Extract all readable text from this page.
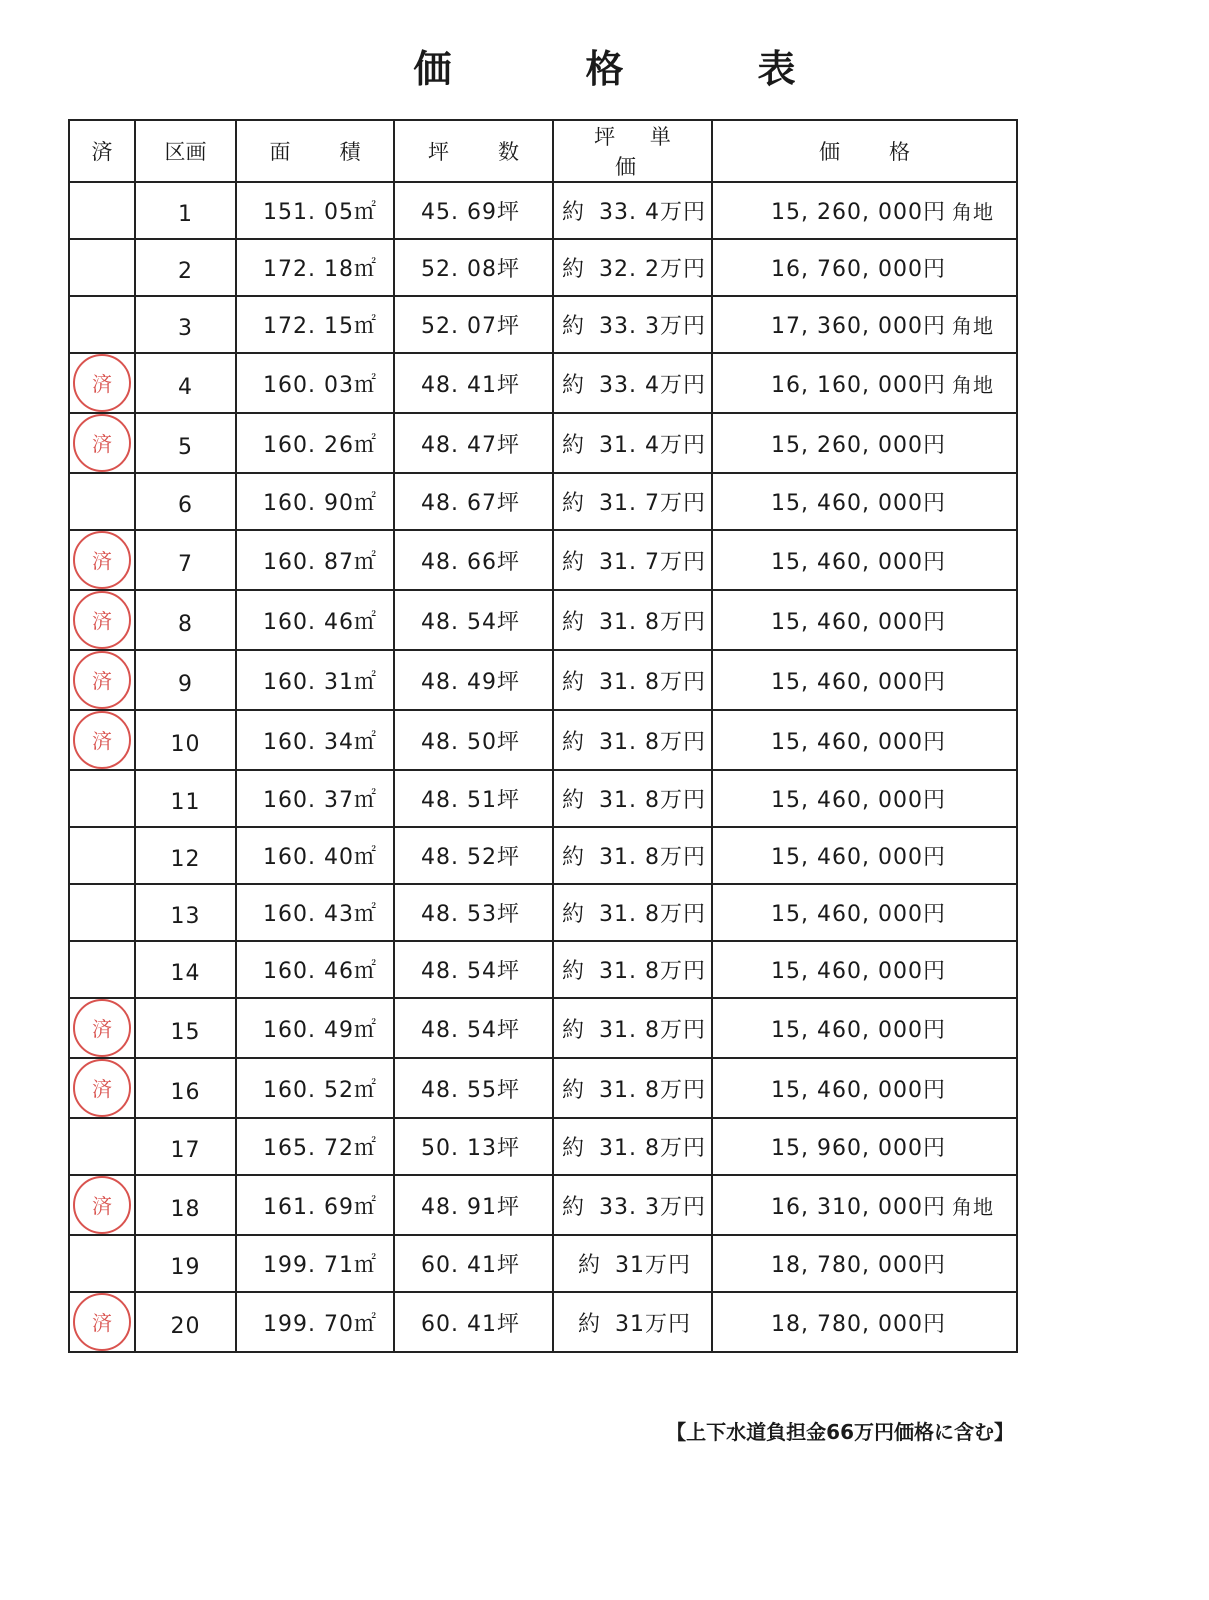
価　格　表
済	区画	面　積	坪　数	坪 単 価	価　格
	1	151. 05㎡	45. 69坪	約 33. 4万円	15, 260, 000円 角地
	2	172. 18㎡	52. 08坪	約 32. 2万円	16, 760, 000円
	3	172. 15㎡	52. 07坪	約 33. 3万円	17, 360, 000円 角地
済	4	160. 03㎡	48. 41坪	約 33. 4万円	16, 160, 000円 角地
済	5	160. 26㎡	48. 47坪	約 31. 4万円	15, 260, 000円
	6	160. 90㎡	48. 67坪	約 31. 7万円	15, 460, 000円
済	7	160. 87㎡	48. 66坪	約 31. 7万円	15, 460, 000円
済	8	160. 46㎡	48. 54坪	約 31. 8万円	15, 460, 000円
済	9	160. 31㎡	48. 49坪	約 31. 8万円	15, 460, 000円
済	10	160. 34㎡	48. 50坪	約 31. 8万円	15, 460, 000円
	11	160. 37㎡	48. 51坪	約 31. 8万円	15, 460, 000円
	12	160. 40㎡	48. 52坪	約 31. 8万円	15, 460, 000円
	13	160. 43㎡	48. 53坪	約 31. 8万円	15, 460, 000円
	14	160. 46㎡	48. 54坪	約 31. 8万円	15, 460, 000円
済	15	160. 49㎡	48. 54坪	約 31. 8万円	15, 460, 000円
済	16	160. 52㎡	48. 55坪	約 31. 8万円	15, 460, 000円
	17	165. 72㎡	50. 13坪	約 31. 8万円	15, 960, 000円
済	18	161. 69㎡	48. 91坪	約 33. 3万円	16, 310, 000円 角地
	19	199. 71㎡	60. 41坪	約 31万円	18, 780, 000円
済	20	199. 70㎡	60. 41坪	約 31万円	18, 780, 000円
【上下水道負担金66万円価格に含む】
